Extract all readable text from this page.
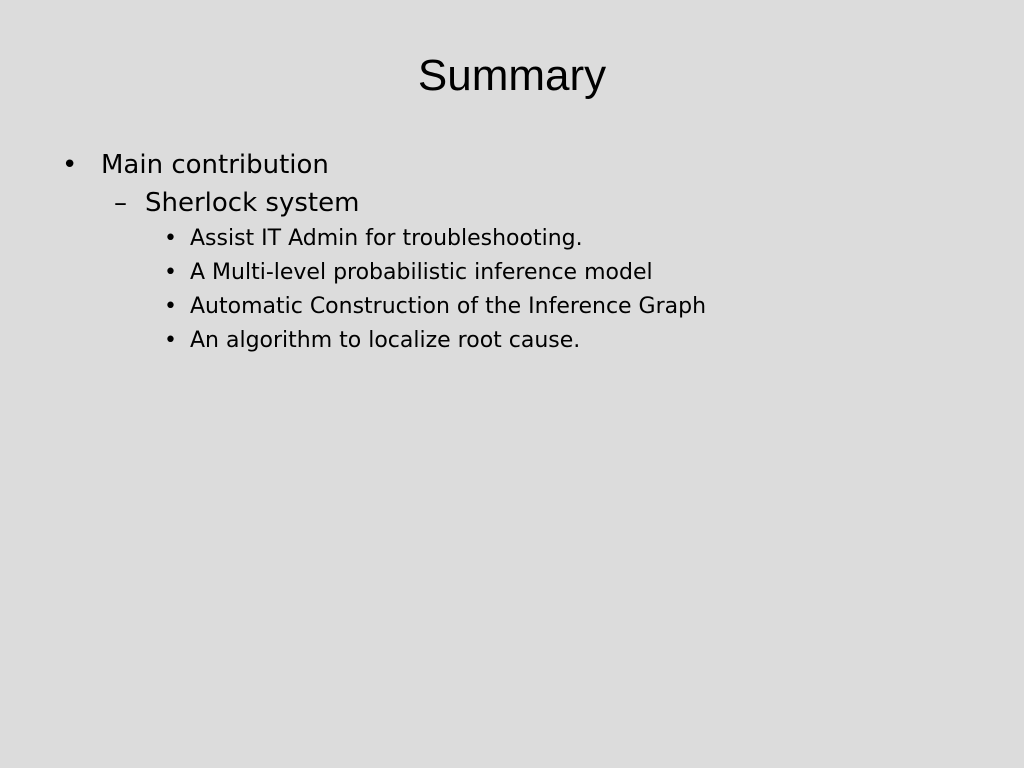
Summary
• Main contribution
– Sherlock system
• Assist IT Admin for troubleshooting.
• A Multi-level probabilistic inference model
• Automatic Construction of the Inference Graph
• An algorithm to localize root cause.
